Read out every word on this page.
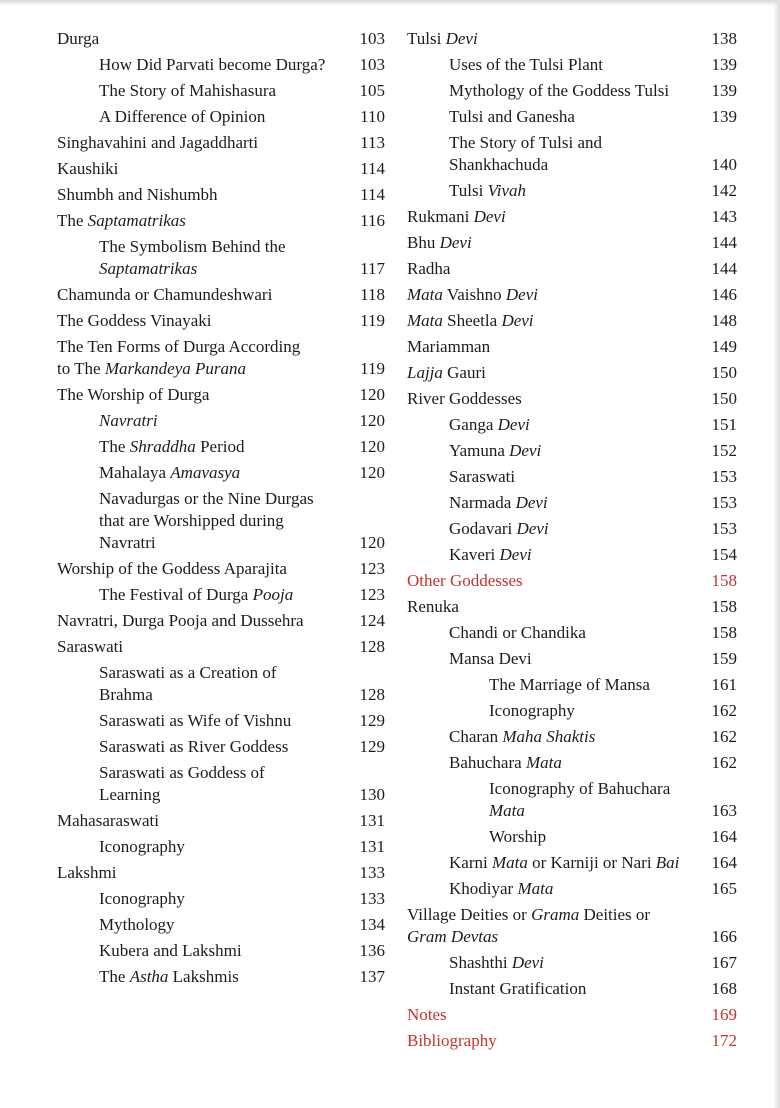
Durga	103
How Did Parvati become Durga? 103
The Story of Mahishasura	105
A Difference of Opinion	110
Singhavahini and Jagaddharti	113
Kaushiki	114
Shumbh and Nishumbh	114
The Saptamatrikas	116
The Symbolism Behind the
Saptamatrikas	117
Chamunda or Chamundeshwari	118
The Goddess Vinayaki	119
The Ten Forms of Durga According
to The Markandeya Purana	119
The Worship of Durga	120
Navratri	120
The Shraddha Period	120
Mahalaya Amavasya	120
Navadurgas or the Nine Durgas
that are Worshipped during
Navratri	120
Worship of the Goddess Aparajita	123
The Festival of Durga Pooja	123
Navratri, Durga Pooja and Dussehra	124
Saraswati	128
Saraswati as a Creation of
Brahma	128
Saraswati as Wife of Vishnu	129
Saraswati as River Goddess	129
Saraswati as Goddess of
Learning	130
Mahasaraswati	131
Iconography	131
Lakshmi	133
Iconography	133
Mythology	134
Kubera and Lakshmi	136
The Astha Lakshmis	137
Tulsi Devi	138
Uses of the Tulsi Plant	139
Mythology of the Goddess Tulsi 139
Tulsi and Ganesha	139
The Story of Tulsi and
Shankhachuda	140
Tulsi Vivah	142
Rukmani Devi	143
Bhu Devi	144
Radha	144
Mata Vaishno Devi	146
Mata Sheetla Devi	148
Mariamman	149
Lajja Gauri	150
River Goddesses	150
Ganga Devi	151
Yamuna Devi	152
Saraswati	153
Narmada Devi	153
Godavari Devi	153
Kaveri Devi	154
Other Goddesses	158
Renuka	158
Chandi or Chandika	158
Mansa Devi	159
The Marriage of Mansa	161
Iconography	162
Charan Maha Shaktis	162
Bahuchara Mata	162
Iconography of Bahuchara
Mata	163
Worship	164
Karni Mata or Karniji or Nari Bai 164
Khodiyar Mata	165
Village Deities or Grama Deities or
Gram Devtas	166
Shashthi Devi	167
Instant Gratification	168
Notes	169
Bibliography	172
